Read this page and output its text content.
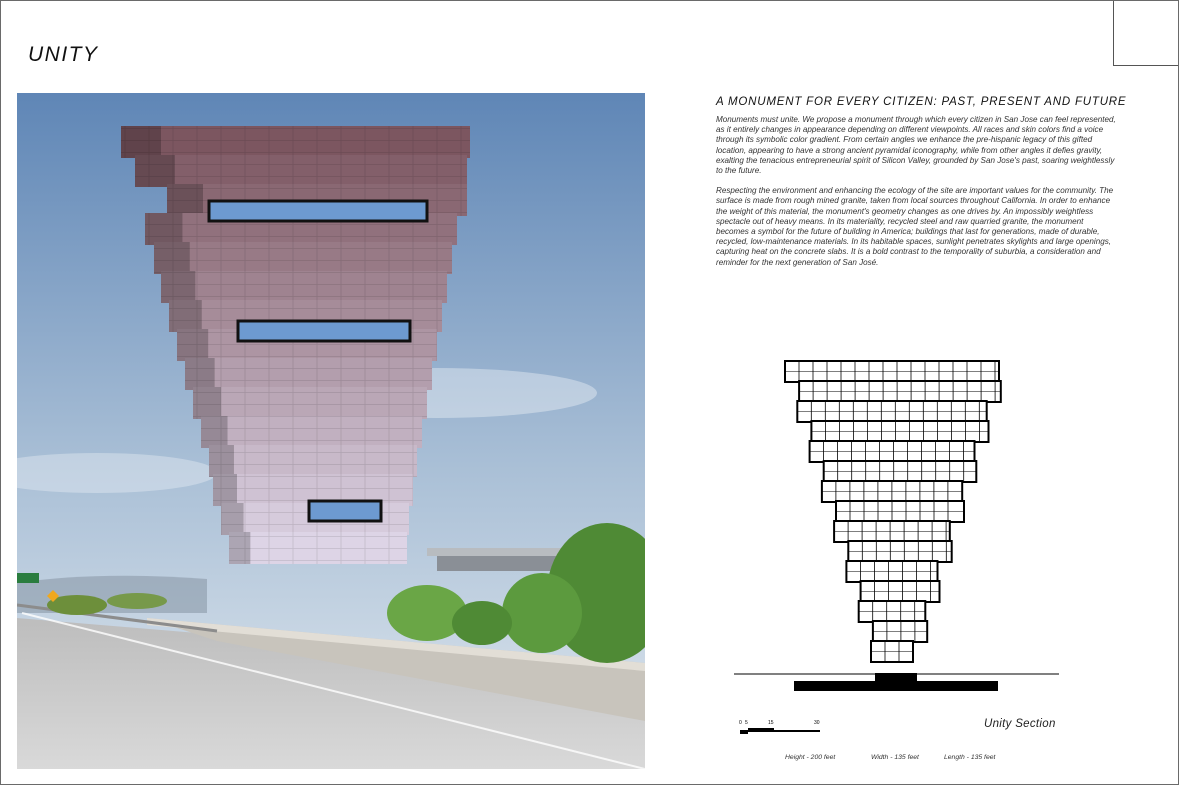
UNITY
A MONUMENT FOR EVERY CITIZEN: PAST, PRESENT AND FUTURE

Monuments must unite. We propose a monument through which every citizen in San Jose can feel represented, as it entirely changes in appearance depending on different viewpoints. All races and skin colors find a voice through its symbolic color gradient. From certain angles we enhance the pre-hispanic legacy of this gifted location, appearing to have a strong ancient pyramidal iconography, while from other angles it defies gravity, exalting the tenacious entrepreneurial spirit of Silicon Valley, grounded by San Jose's past, soaring weightlessly to the future.

Respecting the environment and enhancing the ecology of the site are important values for the community. The surface is made from rough mined granite, taken from local sources throughout California. In order to enhance the weight of this material, the monument's geometry changes as one drives by. An impossibly weightless spectacle out of heavy means. In its materiality, recycled steel and raw quarried granite, the monument becomes a symbol for the future of building in America; buildings that last for generations, made of durable, recycled, low-maintenance materials. In its habitable spaces, sunlight penetrates skylights and large openings, capturing heat on the concrete slabs. It is a bold contrast to the temporality of suburbia, a consideration and reminder for the next generation of San José.

0 5	15	30	Unity Section
Height - 200 feet	Width - 135 feet	Length - 135 feet
